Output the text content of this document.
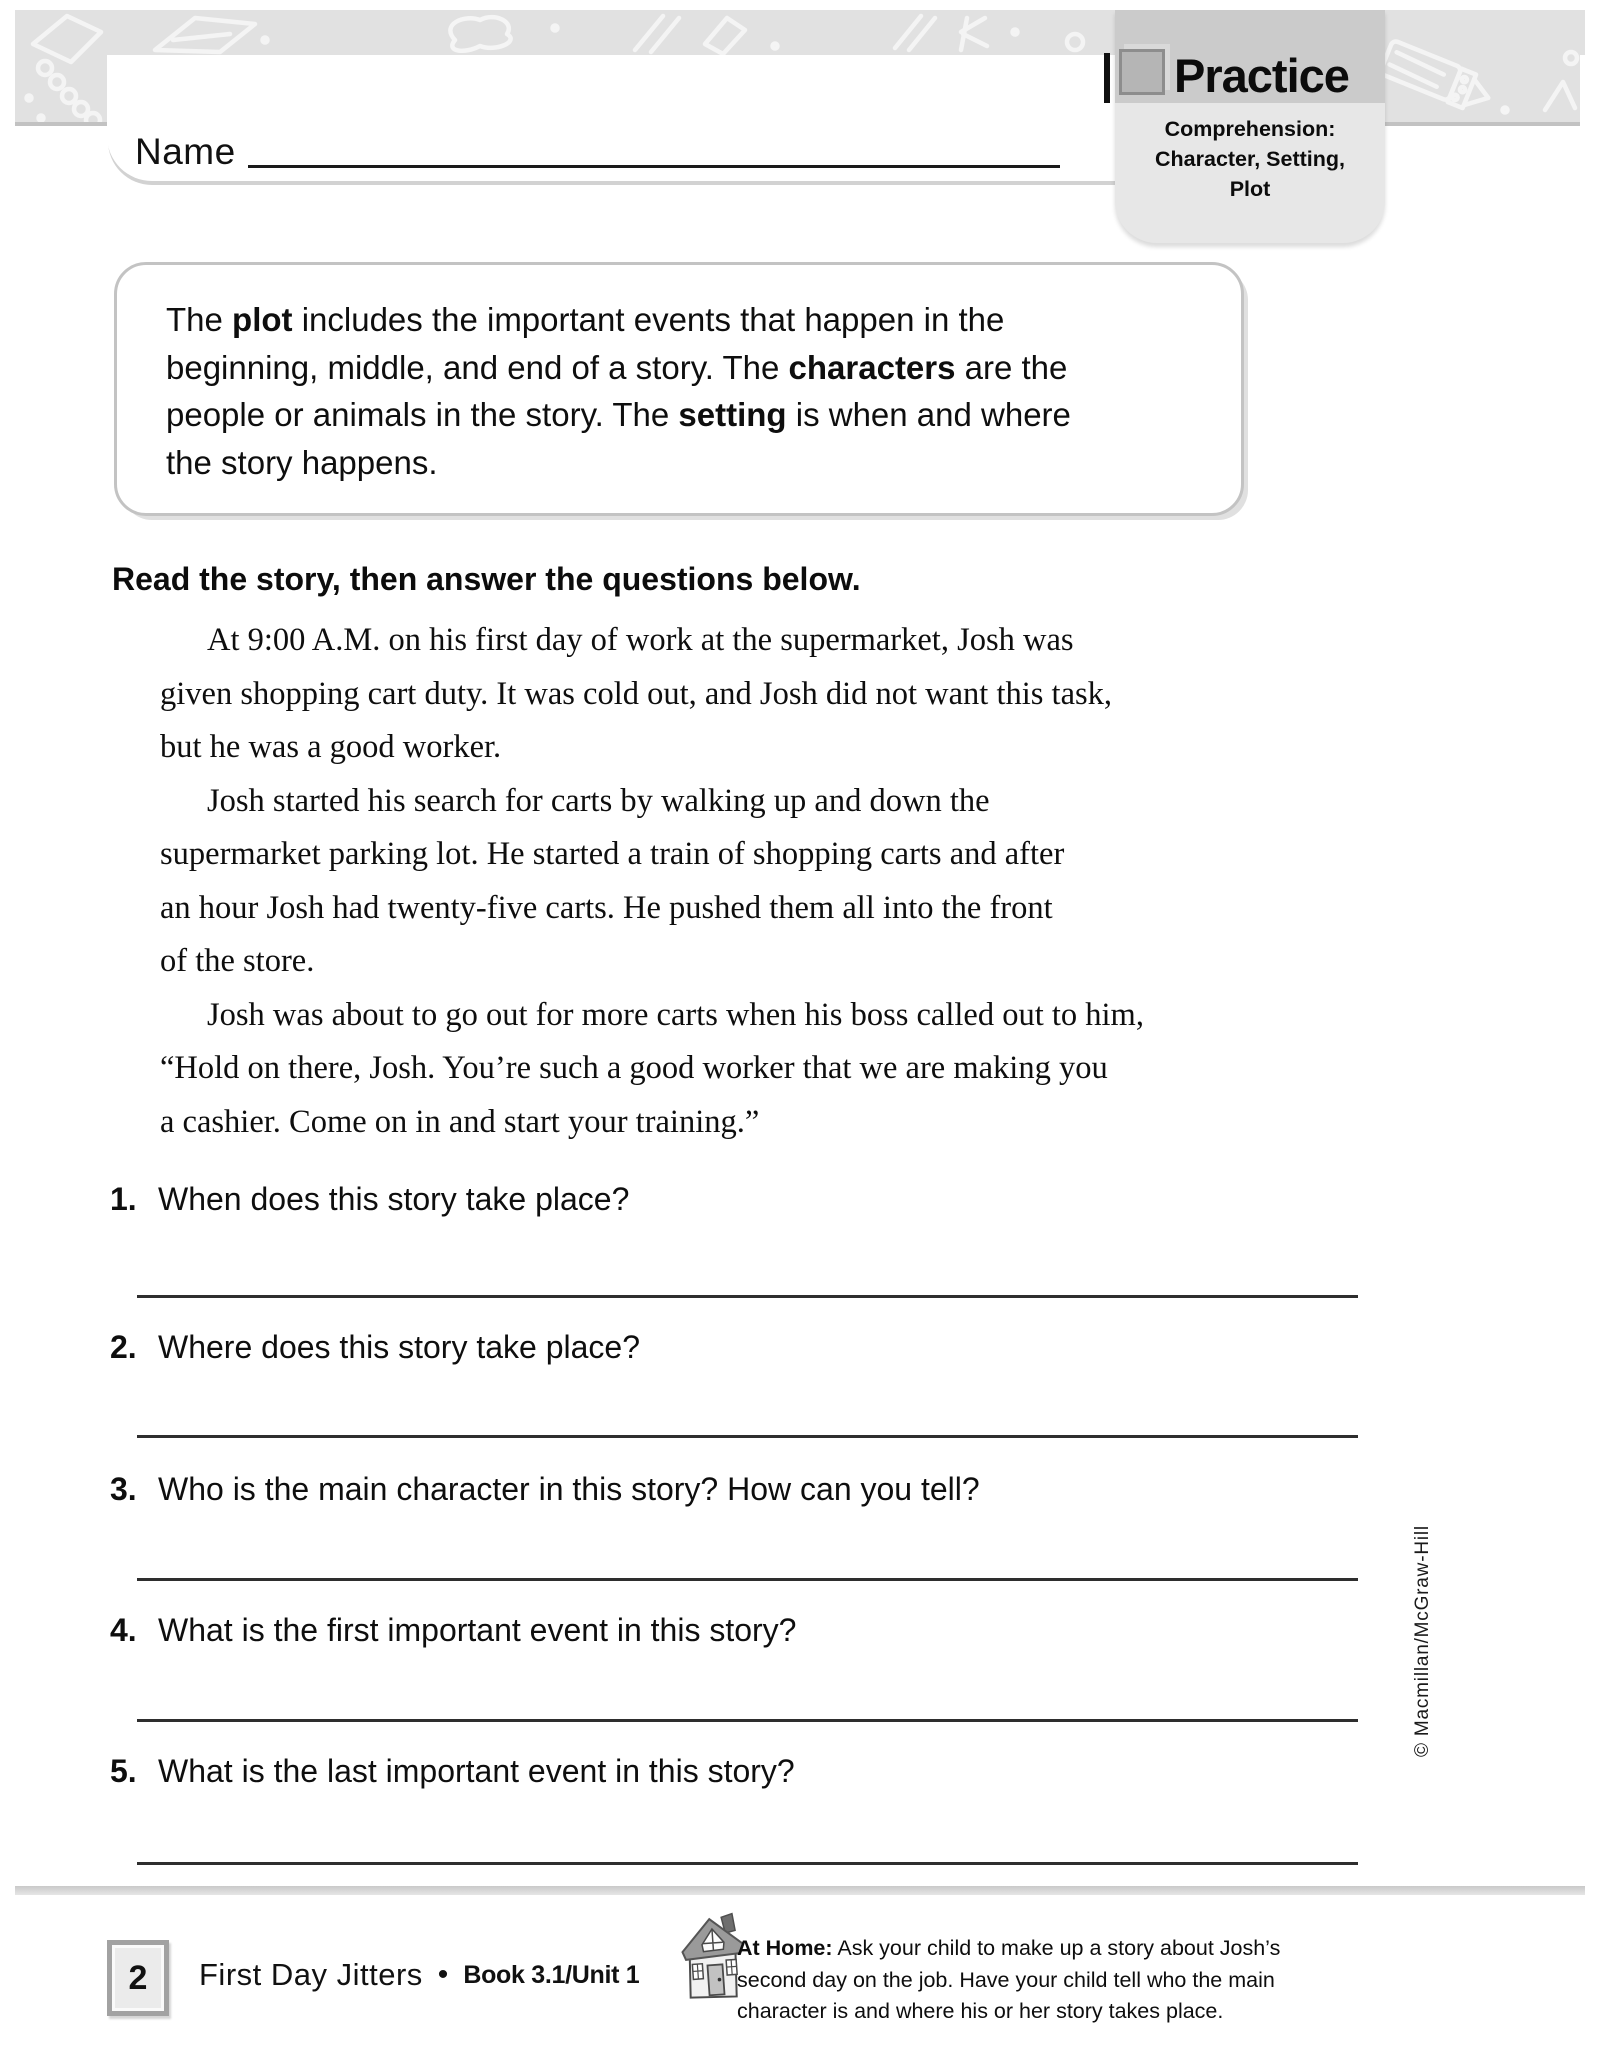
Name
Practice
Comprehension:
Character, Setting,
Plot
The plot includes the important events that happen in the
beginning, middle, and end of a story. The characters are the
people or animals in the story. The setting is when and where
the story happens.
Read the story, then answer the questions below.
At 9:00 A.M. on his first day of work at the supermarket, Josh was
given shopping cart duty. It was cold out, and Josh did not want this task,
but he was a good worker.
Josh started his search for carts by walking up and down the
supermarket parking lot. He started a train of shopping carts and after
an hour Josh had twenty-five carts. He pushed them all into the front
of the store.
Josh was about to go out for more carts when his boss called out to him,
“Hold on there, Josh. You’re such a good worker that we are making you
a cashier. Come on in and start your training.”
1. When does this story take place?
2. Where does this story take place?
3. Who is the main character in this story? How can you tell?
4. What is the first important event in this story?
5. What is the last important event in this story?
2 First Day Jitters • Book 3.1/Unit 1
At Home: Ask your child to make up a story about Josh’s
second day on the job. Have your child tell who the main
character is and where his or her story takes place.
© Macmillan/McGraw-Hill
